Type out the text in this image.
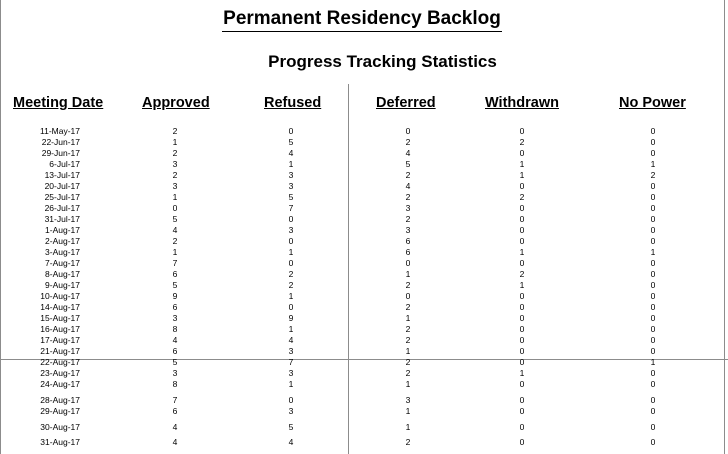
Permanent Residency Backlog
Progress Tracking Statistics
Meeting Date	Approved	Refused	Deferred	Withdrawn	No Power
11-May-17	2	0	0	0	0
22-Jun-17	1	5	2	2	0
29-Jun-17	2	4	4	0	0
6-Jul-17	3	1	5	1	1
13-Jul-17	2	3	2	1	2
20-Jul-17	3	3	4	0	0
25-Jul-17	1	5	2	2	0
26-Jul-17	0	7	3	0	0
31-Jul-17	5	0	2	0	0
1-Aug-17	4	3	3	0	0
2-Aug-17	2	0	6	0	0
3-Aug-17	1	1	6	1	1
7-Aug-17	7	0	0	0	0
8-Aug-17	6	2	1	2	0
9-Aug-17	5	2	2	1	0
10-Aug-17	9	1	0	0	0
14-Aug-17	6	0	2	0	0
15-Aug-17	3	9	1	0	0
16-Aug-17	8	1	2	0	0
17-Aug-17	4	4	2	0	0
21-Aug-17	6	3	1	0	0
22-Aug-17	5	7	2	0	1
23-Aug-17	3	3	2	1	0
24-Aug-17	8	1	1	0	0
28-Aug-17	7	0	3	0	0
29-Aug-17	6	3	1	0	0
30-Aug-17	4	5	1	0	0
31-Aug-17	4	4	2	0	0
